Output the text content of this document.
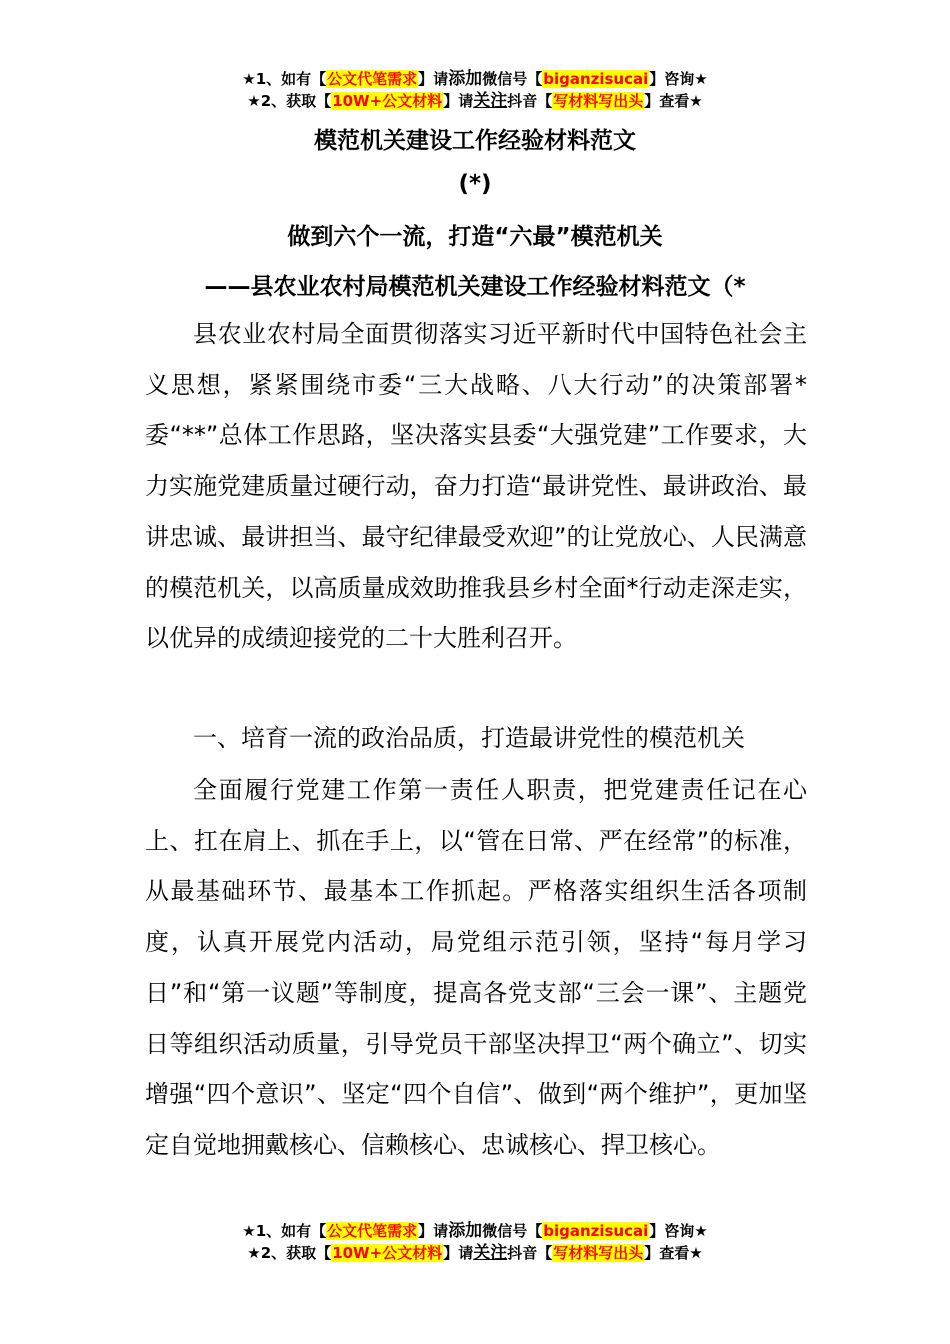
★1、如有【公文代笔需求】请添加微信号【biganzisucai】咨询★
★2、获取【10W+公文材料】请关注抖音【写材料写出头】查看★
模范机关建设工作经验材料范文
(*)
做到六个一流，打造“六最”模范机关
——县农业农村局模范机关建设工作经验材料范文（*

县农业农村局全面贯彻落实习近平新时代中国特色社会主义思想，紧紧围绕市委“三大战略、八大行动”的决策部署*委“**”总体工作思路，坚决落实县委“大强党建”工作要求，大力实施党建质量过硬行动，奋力打造“最讲党性、最讲政治、最讲忠诚、最讲担当、最守纪律最受欢迎”的让党放心、人民满意的模范机关，以高质量成效助推我县乡村全面*行动走深走实，以优异的成绩迎接党的二十大胜利召开。

一、培育一流的政治品质，打造最讲党性的模范机关

全面履行党建工作第一责任人职责，把党建责任记在心上、扛在肩上、抓在手上，以“管在日常、严在经常”的标准，从最基础环节、最基本工作抓起。严格落实组织生活各项制度，认真开展党内活动，局党组示范引领，坚持“每月学习日”和“第一议题”等制度，提高各党支部“三会一课”、主题党日等组织活动质量，引导党员干部坚决捍卫“两个确立”、切实增强“四个意识”、坚定“四个自信”、做到“两个维护”，更加坚定自觉地拥戴核心、信赖核心、忠诚核心、捍卫核心。

★1、如有【公文代笔需求】请添加微信号【biganzisucai】咨询★
★2、获取【10W+公文材料】请关注抖音【写材料写出头】查看★
